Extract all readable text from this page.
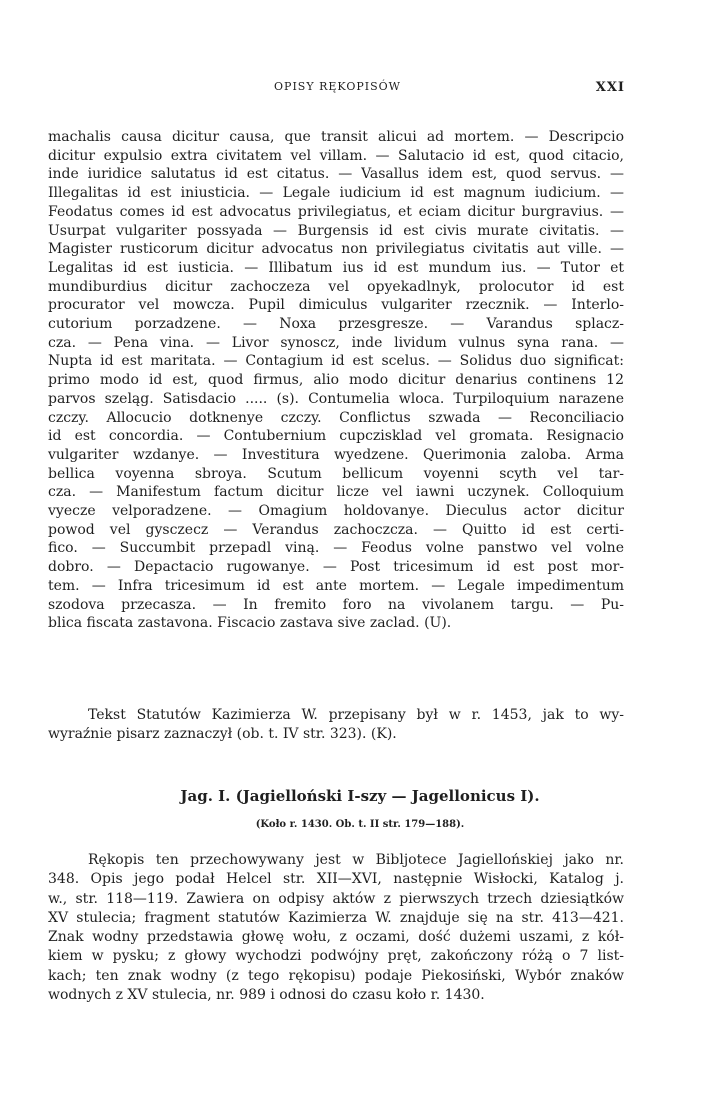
OPISY RĘKOPISÓW	XXI
machalis causa dicitur causa, que transit alicui ad mortem. — Descripcio
dicitur expulsio extra civitatem vel villam. — Salutacio id est, quod citacio,
inde iuridice salutatus id est citatus. — Vasallus idem est, quod servus. —
Illegalitas id est iniusticia. — Legale iudicium id est magnum iudicium. —
Feodatus comes id est advocatus privilegiatus, et eciam dicitur burgravius. —
Usurpat vulgariter possyada — Burgensis id est civis murate civitatis. —
Magister rusticorum dicitur advocatus non privilegiatus civitatis aut ville. —
Legalitas id est iusticia. — Illibatum ius id est mundum ius. — Tutor et
mundiburdius dicitur zachoczeza vel opyekadlnyk, prolocutor id est
procurator vel mowcza. Pupil dimiculus vulgariter rzecznik. — Interlo-
cutorium porzadzene. — Noxa przesgresze. — Varandus splacz-
cza. — Pena vina. — Livor synoscz, inde lividum vulnus syna rana. —
Nupta id est maritata. — Contagium id est scelus. — Solidus duo significat:
primo modo id est, quod firmus, alio modo dicitur denarius continens 12
parvos szeląg. Satisdacio ..... (s). Contumelia wloca. Turpiloquium narazene
czczy. Allocucio dotknenye czczy. Conflictus szwada — Reconciliacio
id est concordia. — Contubernium cupczisklad vel gromata. Resignacio
vulgariter wzdanye. — Investitura wyedzene. Querimonia zaloba. Arma
bellica voyenna sbroya. Scutum bellicum voyenni scyth vel tar-
cza. — Manifestum factum dicitur licze vel iawni uczynek. Colloquium
vyecze velporadzene. — Omagium holdovanye. Dieculus actor dicitur
powod vel gysczecz — Verandus zachoczcza. — Quitto id est certi-
fico. — Succumbit przepadl viną. — Feodus volne panstwo vel volne
dobro. — Depactacio rugowanye. — Post tricesimum id est post mor-
tem. — Infra tricesimum id est ante mortem. — Legale impedimentum
szodova przecasza. — In fremito foro na vivolanem targu. — Pu-
blica fiscata zastavona. Fiscacio zastava sive zaclad. (U).
Tekst Statutów Kazimierza W. przepisany był w r. 1453, jak to wy-
wyraźnie pisarz zaznaczył (ob. t. IV str. 323). (K).
Jag. I. (Jagielloński I-szy — Jagellonicus I).
(Koło r. 1430. Ob. t. II str. 179—188).
Rękopis ten przechowywany jest w Bibljotece Jagiellońskiej jako nr.
348. Opis jego podał Helcel str. XII—XVI, następnie Wisłocki, Katalog j.
w., str. 118—119. Zawiera on odpisy aktów z pierwszych trzech dziesiątków
XV stulecia; fragment statutów Kazimierza W. znajduje się na str. 413—421.
Znak wodny przedstawia głowę wołu, z oczami, dość dużemi uszami, z kół-
kiem w pysku; z głowy wychodzi podwójny pręt, zakończony różą o 7 list-
kach; ten znak wodny (z tego rękopisu) podaje Piekosiński, Wybór znaków
wodnych z XV stulecia, nr. 989 i odnosi do czasu koło r. 1430.
